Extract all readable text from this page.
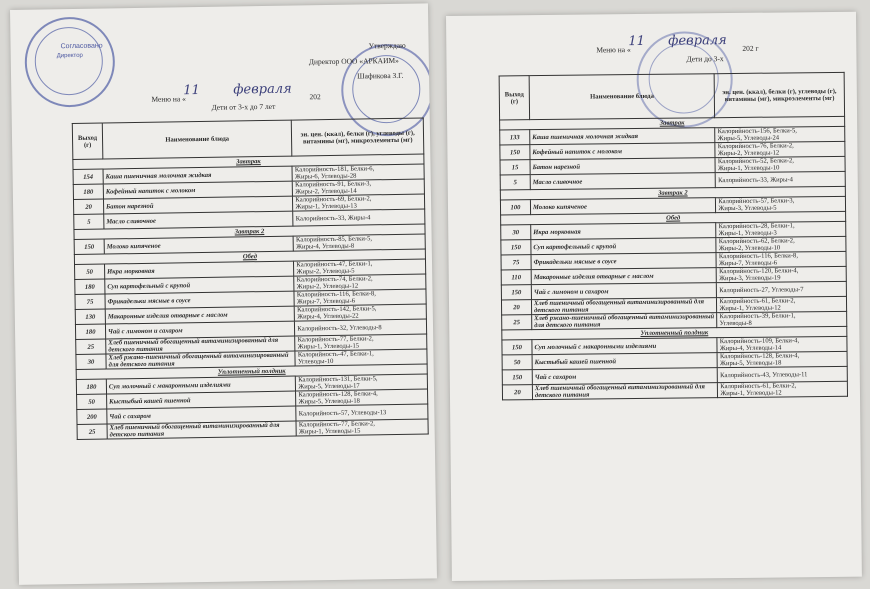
Согласовано
Директор
Утверждаю
Директор ООО «АРКАИМ»
Шафикова З.Г.
Меню на «
11	февраля 202
Дети от 3-х до 7 лет
Выход (г)	Наименование блюда	эн. цен. (ккал), белки (г), углеводы (г), витамины (мг), микроэлементы (мг)
Завтрак		
154	Каша пшеничная молочная жидкая	Калорийность-181, Белки-6,
Жиры-6, Углеводы-28

180	Кофейный напиток с молоком	Калорийность-91, Белки-3,
Жиры-2, Углеводы-14

20	Батон нарезной	Калорийность-69, Белки-2,
Жиры-1, Углеводы-13

5	Масло сливочное	Калорийность-33, Жиры-4

Завтрак 2		
150	Молоко кипяченое	Калорийность-85, Белки-5,
Жиры-4, Углеводы-8

Обед		
50	Икра морковная	Калорийность-47, Белки-1,
Жиры-2, Углеводы-5

180	Суп картофельный с крупой	Калорийность-74, Белки-2,
Жиры-2, Углеводы-12

75	Фрикадельки мясные в соусе	Калорийность-116, Белки-8,
Жиры-7, Углеводы-6

130	Макаронные изделия отварные с маслом	Калорийность-142, Белки-5,
Жиры-4, Углеводы-22

180	Чай с лимоном и сахаром	Калорийность-32, Углеводы-8

25	Хлеб пшеничный обогащенный витаминизированный для детского питания	Калорийность-77, Белки-2,
Жиры-1, Углеводы-15

30	Хлеб ржано-пшеничный обогащенный витаминизированный для детского питания	Калорийность-47, Белки-1,
Углеводы-10

Уплотненный полдник		
180	Суп молочный с макаронными изделиями	Калорийность-131, Белки-5,
Жиры-5, Углеводы-17

50	Кыстыбый кашей пшенной	Калорийность-128, Белки-4,
Жиры-5, Углеводы-18

200	Чай с сахаром	Калорийность-57, Углеводы-13

25	Хлеб пшеничный обогащенный витаминизированный для детского питания	Калорийность-77, Белки-2,
Жиры-1, Углеводы-15
Меню на «
11 февраля 202 г
Дети до 3-х
Выход (г)	Наименование блюда	эн. цен. (ккал), белки (г), углеводы (г), витамины (мг), микроэлементы (мг)
Завтрак		
133	Каша пшеничная молочная жидкая	Калорийность-156, Белки-5,
Жиры-5, Углеводы-24

150	Кофейный напиток с молоком	Калорийность-76, Белки-2,
Жиры-2, Углеводы-12

15	Батон нарезной	Калорийность-52, Белки-2,
Жиры-1, Углеводы-10

5	Масло сливочное	Калорийность-33, Жиры-4

Завтрак 2		
100	Молоко кипяченое	Калорийность-57, Белки-3,
Жиры-3, Углеводы-5

Обед		
30	Икра морковная	Калорийность-28, Белки-1,
Жиры-1, Углеводы-3

150	Суп картофельный с крупой	Калорийность-62, Белки-2,
Жиры-2, Углеводы-10

75	Фрикадельки мясные в соусе	Калорийность-116, Белки-8,
Жиры-7, Углеводы-6

110	Макаронные изделия отварные с маслом	Калорийность-120, Белки-4,
Жиры-3, Углеводы-19

150	Чай с лимоном и сахаром	Калорийность-27, Углеводы-7

20	Хлеб пшеничный обогащенный витаминизированный для детского питания	Калорийность-61, Белки-2,
Жиры-1, Углеводы-12

25	Хлеб ржано-пшеничный обогащенный витаминизированный для детского питания	Калорийность-39, Белки-1,
Углеводы-8

Уплотненный полдник		
150	Суп молочный с макаронными изделиями	Калорийность-109, Белки-4,
Жиры-4, Углеводы-14

50	Кыстыбый кашей пшенной	Калорийность-128, Белки-4,
Жиры-5, Углеводы-18

150	Чай с сахаром	Калорийность-43, Углеводы-11

20	Хлеб пшеничный обогащенный витаминизированный для детского питания	Калорийность-61, Белки-2,
Жиры-1, Углеводы-12
